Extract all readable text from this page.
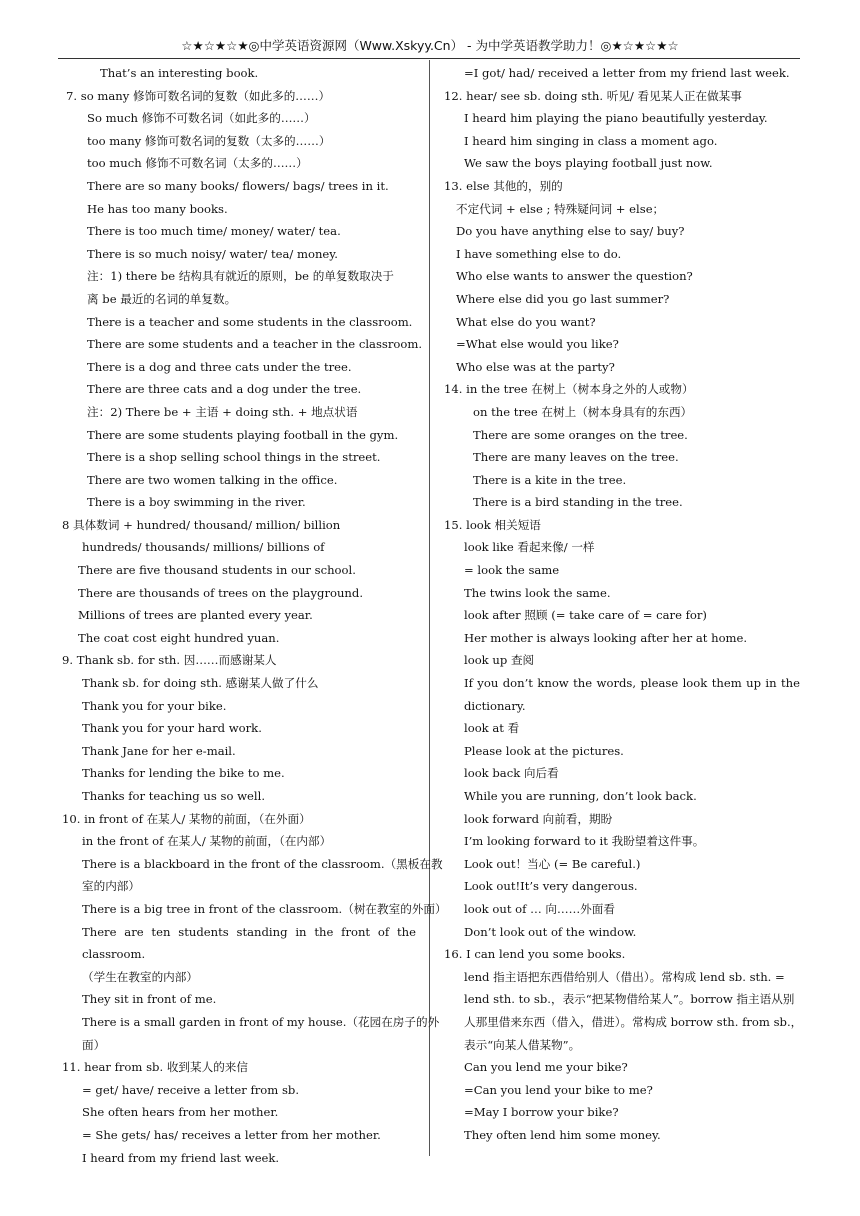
☆★☆★☆★◎中学英语资源网（Www.Xskyy.Cn） - 为中学英语教学助力！◎★☆★☆★☆
That’s an interesting book.
7. so many 修饰可数名词的复数（如此多的……）
So much 修饰不可数名词（如此多的……）
too many 修饰可数名词的复数（太多的……）
too much 修饰不可数名词（太多的……）
There are so many books/ flowers/ bags/ trees in it.
He has too many books.
There is too much time/ money/ water/ tea.
There is so much noisy/ water/ tea/ money.
注：1) there be 结构具有就近的原则，be 的单复数取决于
离 be 最近的名词的单复数。
There is a teacher and some students in the classroom.
There are some students and a teacher in the classroom.
There is a dog and three cats under the tree.
There are three cats and a dog under the tree.
注：2) There be + 主语 + doing sth. + 地点状语
There are some students playing football in the gym.
There is a shop selling school things in the street.
There are two women talking in the office.
There is a boy swimming in the river.
8 具体数词 + hundred/ thousand/ million/ billion
hundreds/ thousands/ millions/ billions of
There are five thousand students in our school.
There are thousands of trees on the playground.
Millions of trees are planted every year.
The coat cost eight hundred yuan.
9. Thank sb. for sth. 因……而感谢某人
Thank sb. for doing sth. 感谢某人做了什么
Thank you for your bike.
Thank you for your hard work.
Thank Jane for her e-mail.
Thanks for lending the bike to me.
Thanks for teaching us so well.
10. in front of 在某人/ 某物的前面，（在外面）
in the front of 在某人/ 某物的前面，（在内部）
There is a blackboard in the front of the classroom.（黑板在教
室的内部）
There is a big tree in front of the classroom.（树在教室的外面）
There are ten students standing in the front of the classroom.
（学生在教室的内部）
They sit in front of me.
There is a small garden in front of my house.（花园在房子的外
面）
11. hear from sb. 收到某人的来信
= get/ have/ receive a letter from sb.
She often hears from her mother.
= She gets/ has/ receives a letter from her mother.
I heard from my friend last week.
=I got/ had/ received a letter from my friend last week.
12. hear/ see sb. doing sth. 听见/ 看见某人正在做某事
I heard him playing the piano beautifully yesterday.
I heard him singing in class a moment ago.
We saw the boys playing football just now.
13. else 其他的，别的
不定代词 + else ; 特殊疑问词 + else；
Do you have anything else to say/ buy?
I have something else to do.
Who else wants to answer the question?
Where else did you go last summer?
What else do you want?
=What else would you like?
Who else was at the party?
14. in the tree 在树上（树本身之外的人或物）
on the tree 在树上（树本身具有的东西）
There are some oranges on the tree.
There are many leaves on the tree.
There is a kite in the tree.
There is a bird standing in the tree.
15. look 相关短语
look like 看起来像/ 一样
= look the same
The twins look the same.
look after 照顾 (= take care of = care for)
Her mother is always looking after her at home.
look up 查阅
If you don’t know the words, please look them up in the
dictionary.
look at 看
Please look at the pictures.
look back 向后看
While you are running, don’t look back.
look forward 向前看，期盼
I’m looking forward to it 我盼望着这件事。
Look out！当心 (= Be careful.)
Look out!It’s very dangerous.
look out of … 向……外面看
Don’t look out of the window.
16. I can lend you some books.
lend 指主语把东西借给别人（借出）。常构成 lend sb. sth. =
lend sth. to sb.，表示“把某物借给某人”。borrow 指主语从别
人那里借来东西（借入，借进）。常构成 borrow sth. from sb.，
表示“向某人借某物”。
Can you lend me your bike?
=Can you lend your bike to me?
=May I borrow your bike?
They often lend him some money.
